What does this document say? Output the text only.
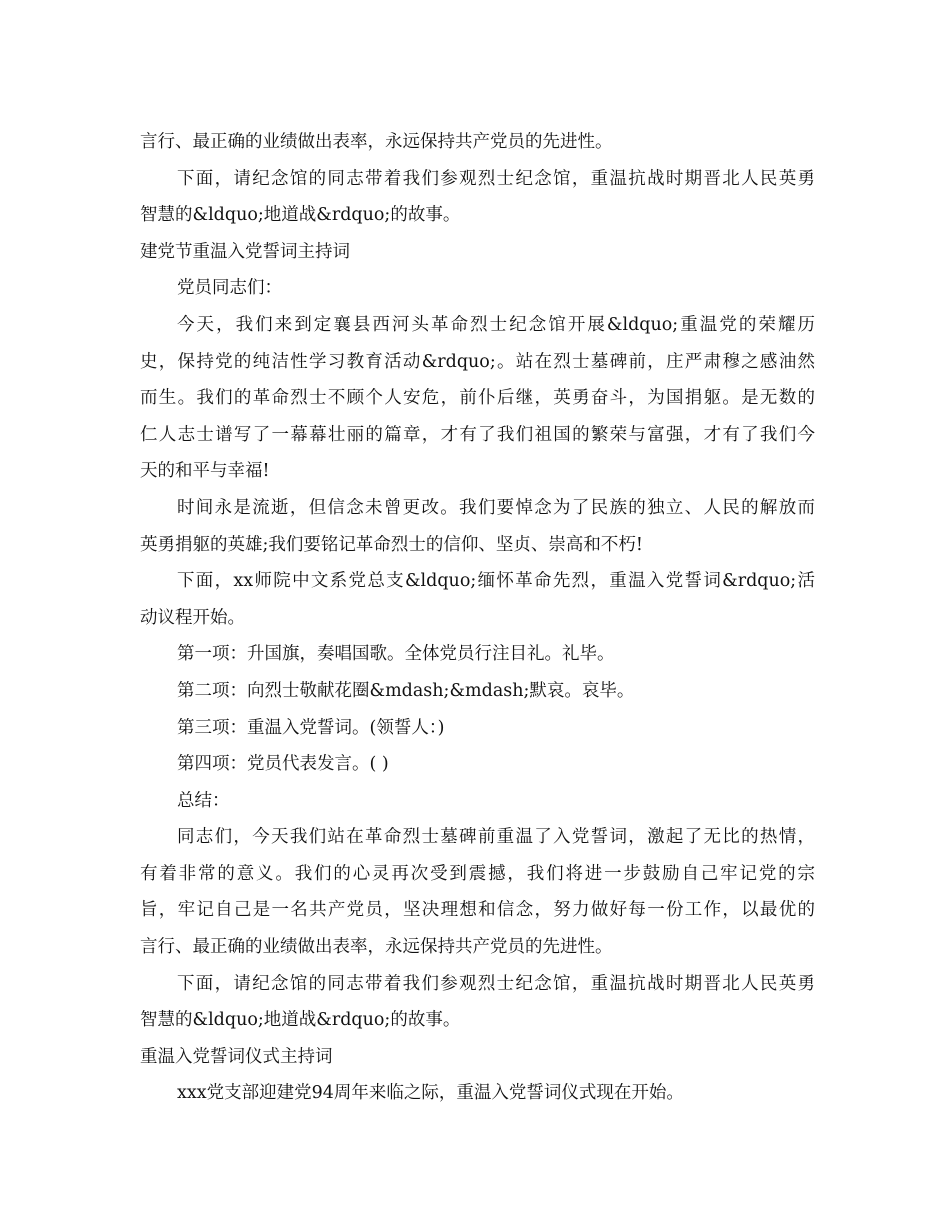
言行、最正确的业绩做出表率，永远保持共产党员的先进性。
下面，请纪念馆的同志带着我们参观烈士纪念馆，重温抗战时期晋北人民英勇
智慧的&ldquo;地道战&rdquo;的故事。
建党节重温入党誓词主持词
党员同志们：
今天，我们来到定襄县西河头革命烈士纪念馆开展&ldquo;重温党的荣耀历
史，保持党的纯洁性学习教育活动&rdquo;。站在烈士墓碑前，庄严肃穆之感油然
而生。我们的革命烈士不顾个人安危，前仆后继，英勇奋斗，为国捐躯。是无数的
仁人志士谱写了一幕幕壮丽的篇章，才有了我们祖国的繁荣与富强，才有了我们今
天的和平与幸福!
时间永是流逝，但信念未曾更改。我们要悼念为了民族的独立、人民的解放而
英勇捐躯的英雄;我们要铭记革命烈士的信仰、坚贞、崇高和不朽!
下面，xx师院中文系党总支&ldquo;缅怀革命先烈，重温入党誓词&rdquo;活
动议程开始。
第一项：升国旗，奏唱国歌。全体党员行注目礼。礼毕。
第二项：向烈士敬献花圈&mdash;&mdash;默哀。哀毕。
第三项：重温入党誓词。(领誓人：)
第四项：党员代表发言。( )
总结：
同志们，今天我们站在革命烈士墓碑前重温了入党誓词，激起了无比的热情，
有着非常的意义。我们的心灵再次受到震撼，我们将进一步鼓励自己牢记党的宗
旨，牢记自己是一名共产党员，坚决理想和信念，努力做好每一份工作，以最优的
言行、最正确的业绩做出表率，永远保持共产党员的先进性。
下面，请纪念馆的同志带着我们参观烈士纪念馆，重温抗战时期晋北人民英勇
智慧的&ldquo;地道战&rdquo;的故事。
重温入党誓词仪式主持词
xxx党支部迎建党94周年来临之际，重温入党誓词仪式现在开始。
